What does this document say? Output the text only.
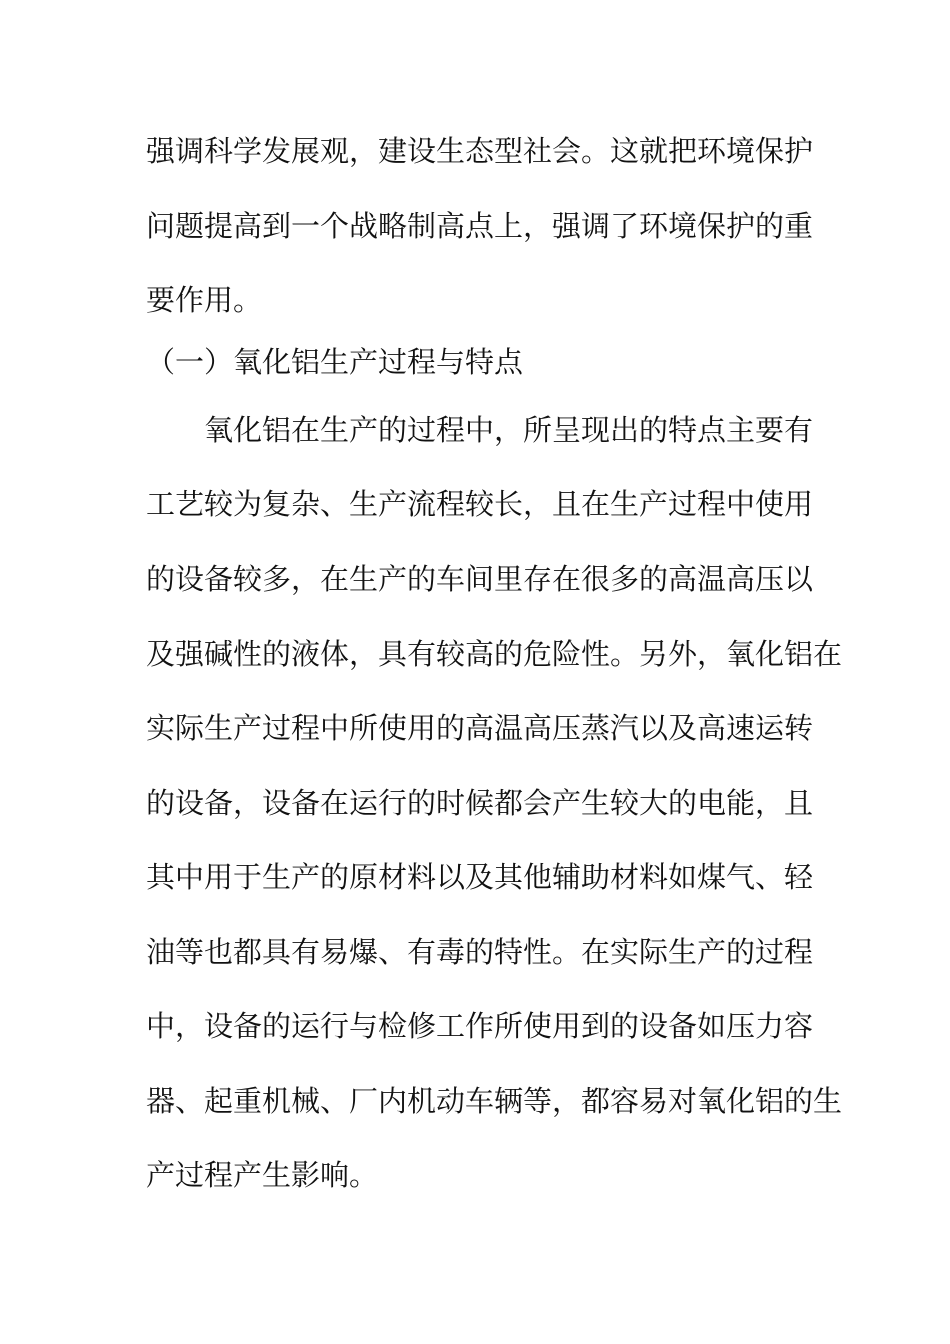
强调科学发展观，建设生态型社会。这就把环境保护
问题提高到一个战略制高点上，强调了环境保护的重
要作用。
（一）氧化铝生产过程与特点
氧化铝在生产的过程中，所呈现出的特点主要有
工艺较为复杂、生产流程较长，且在生产过程中使用
的设备较多，在生产的车间里存在很多的高温高压以
及强碱性的液体，具有较高的危险性。另外，氧化铝在
实际生产过程中所使用的高温高压蒸汽以及高速运转
的设备，设备在运行的时候都会产生较大的电能，且
其中用于生产的原材料以及其他辅助材料如煤气、轻
油等也都具有易爆、有毒的特性。在实际生产的过程
中，设备的运行与检修工作所使用到的设备如压力容
器、起重机械、厂内机动车辆等，都容易对氧化铝的生
产过程产生影响。
